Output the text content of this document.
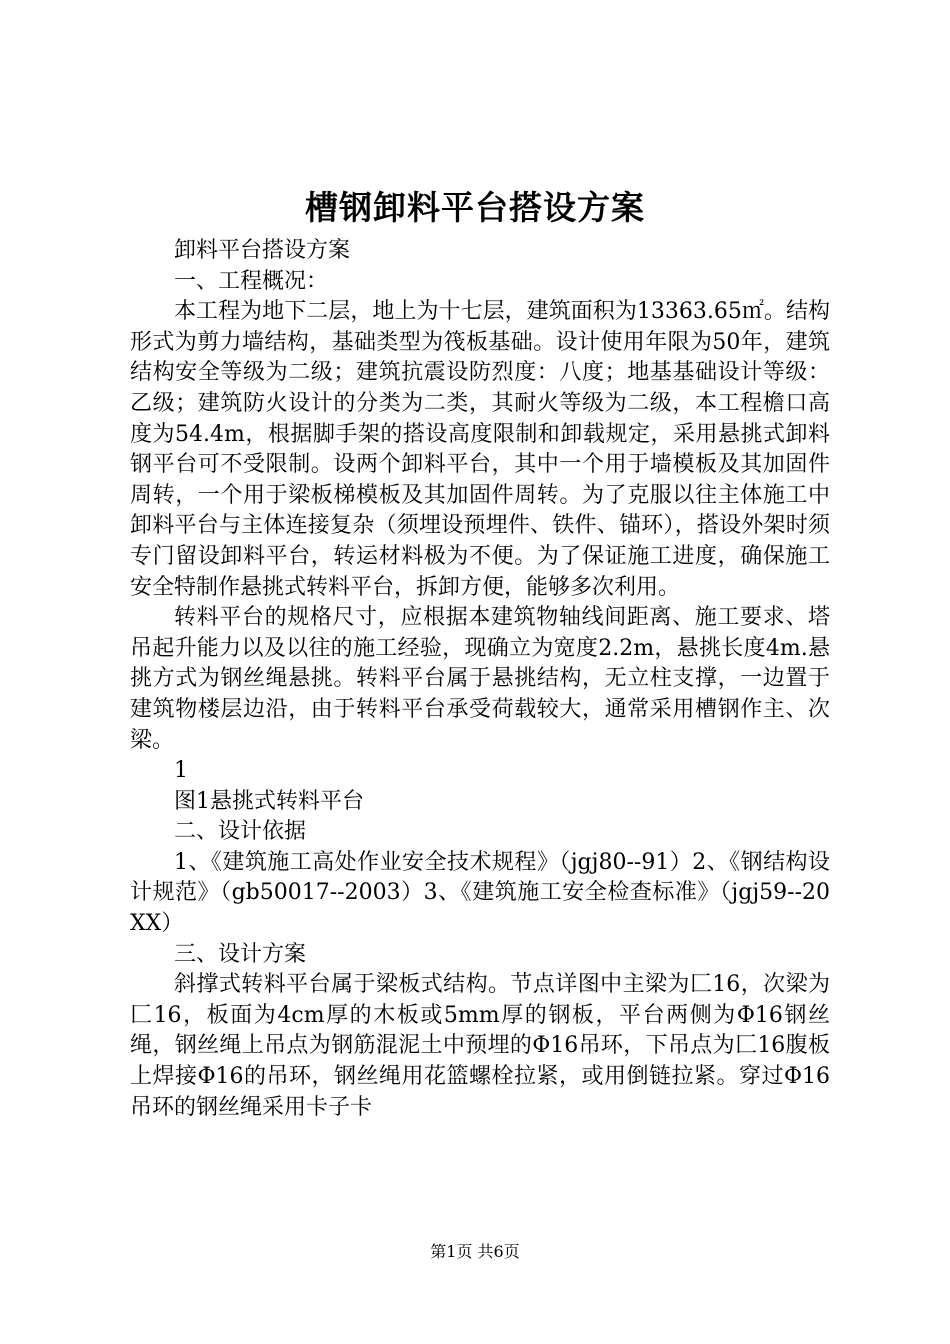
槽钢卸料平台搭设方案

卸料平台搭设方案

一、工程概况：

本工程为地下二层，地上为十七层，建筑面积为13363.65㎡。结构形式为剪力墙结构，基础类型为筏板基础。设计使用年限为50年，建筑结构安全等级为二级；建筑抗震设防烈度：八度；地基基础设计等级：乙级；建筑防火设计的分类为二类，其耐火等级为二级，本工程檐口高度为54.4m，根据脚手架的搭设高度限制和卸载规定，采用悬挑式卸料钢平台可不受限制。设两个卸料平台，其中一个用于墙模板及其加固件周转，一个用于梁板梯模板及其加固件周转。为了克服以往主体施工中卸料平台与主体连接复杂（须埋设预埋件、铁件、锚环），搭设外架时须专门留设卸料平台，转运材料极为不便。为了保证施工进度，确保施工安全特制作悬挑式转料平台，拆卸方便，能够多次利用。

转料平台的规格尺寸，应根据本建筑物轴线间距离、施工要求、塔吊起升能力以及以往的施工经验，现确立为宽度2.2m，悬挑长度4m.悬挑方式为钢丝绳悬挑。转料平台属于悬挑结构，无立柱支撑，一边置于建筑物楼层边沿，由于转料平台承受荷载较大，通常采用槽钢作主、次梁。

1

图1悬挑式转料平台

二、设计依据

1、《建筑施工高处作业安全技术规程》（jgj80--91）2、《钢结构设计规范》（gb50017--2003）3、《建筑施工安全检查标准》（jgj59--20XX）

三、设计方案

斜撑式转料平台属于梁板式结构。节点详图中主梁为匚16，次梁为匚16，板面为4cm厚的木板或5mm厚的钢板，平台两侧为Φ16钢丝绳，钢丝绳上吊点为钢筋混泥土中预埋的Φ16吊环，下吊点为匚16腹板上焊接Φ16的吊环，钢丝绳用花篮螺栓拉紧，或用倒链拉紧。穿过Φ16吊环的钢丝绳采用卡子卡

第1页 共6页
